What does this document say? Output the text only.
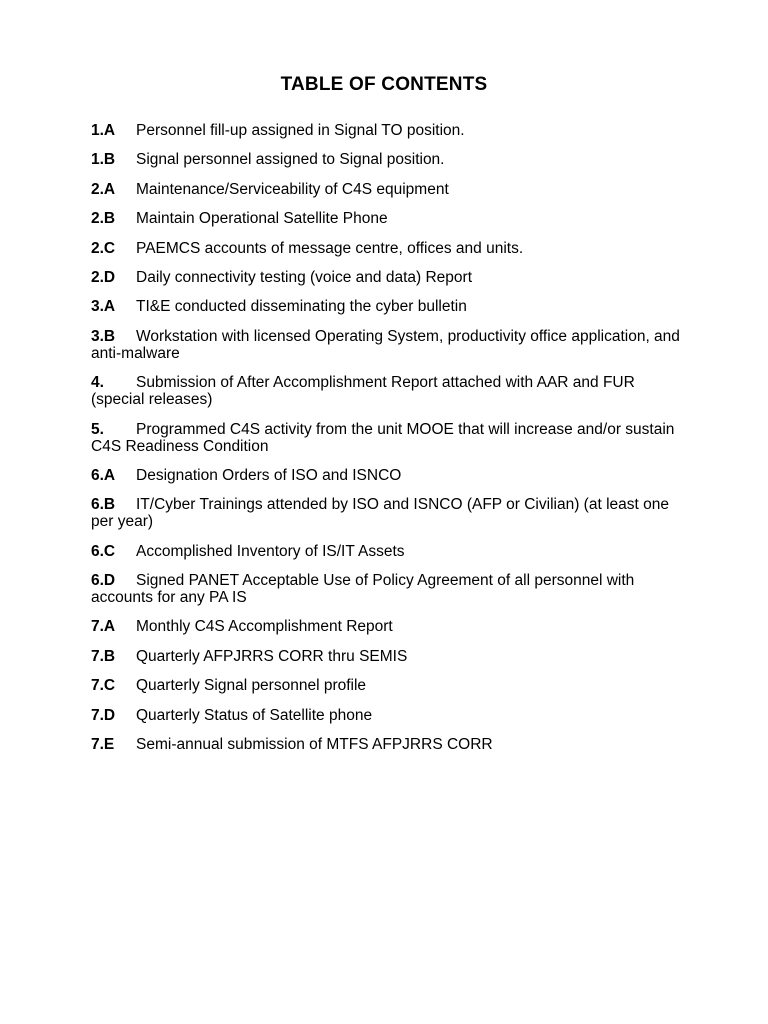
TABLE OF CONTENTS
1.A Personnel fill-up assigned in Signal TO position.
1.B Signal personnel assigned to Signal position.
2.A Maintenance/Serviceability of C4S equipment
2.B Maintain Operational Satellite Phone
2.C PAEMCS accounts of message centre, offices and units.
2.D Daily connectivity testing (voice and data) Report
3.A TI&E conducted disseminating the cyber bulletin
3.B Workstation with licensed Operating System, productivity office application, and anti-malware
4. Submission of After Accomplishment Report attached with AAR and FUR (special releases)
5. Programmed C4S activity from the unit MOOE that will increase and/or sustain C4S Readiness Condition
6.A Designation Orders of ISO and ISNCO
6.B IT/Cyber Trainings attended by ISO and ISNCO (AFP or Civilian) (at least one per year)
6.C Accomplished Inventory of IS/IT Assets
6.D Signed PANET Acceptable Use of Policy Agreement of all personnel with accounts for any PA IS
7.A Monthly C4S Accomplishment Report
7.B Quarterly AFPJRRS CORR thru SEMIS
7.C Quarterly Signal personnel profile
7.D Quarterly Status of Satellite phone
7.E Semi-annual submission of MTFS AFPJRRS CORR
